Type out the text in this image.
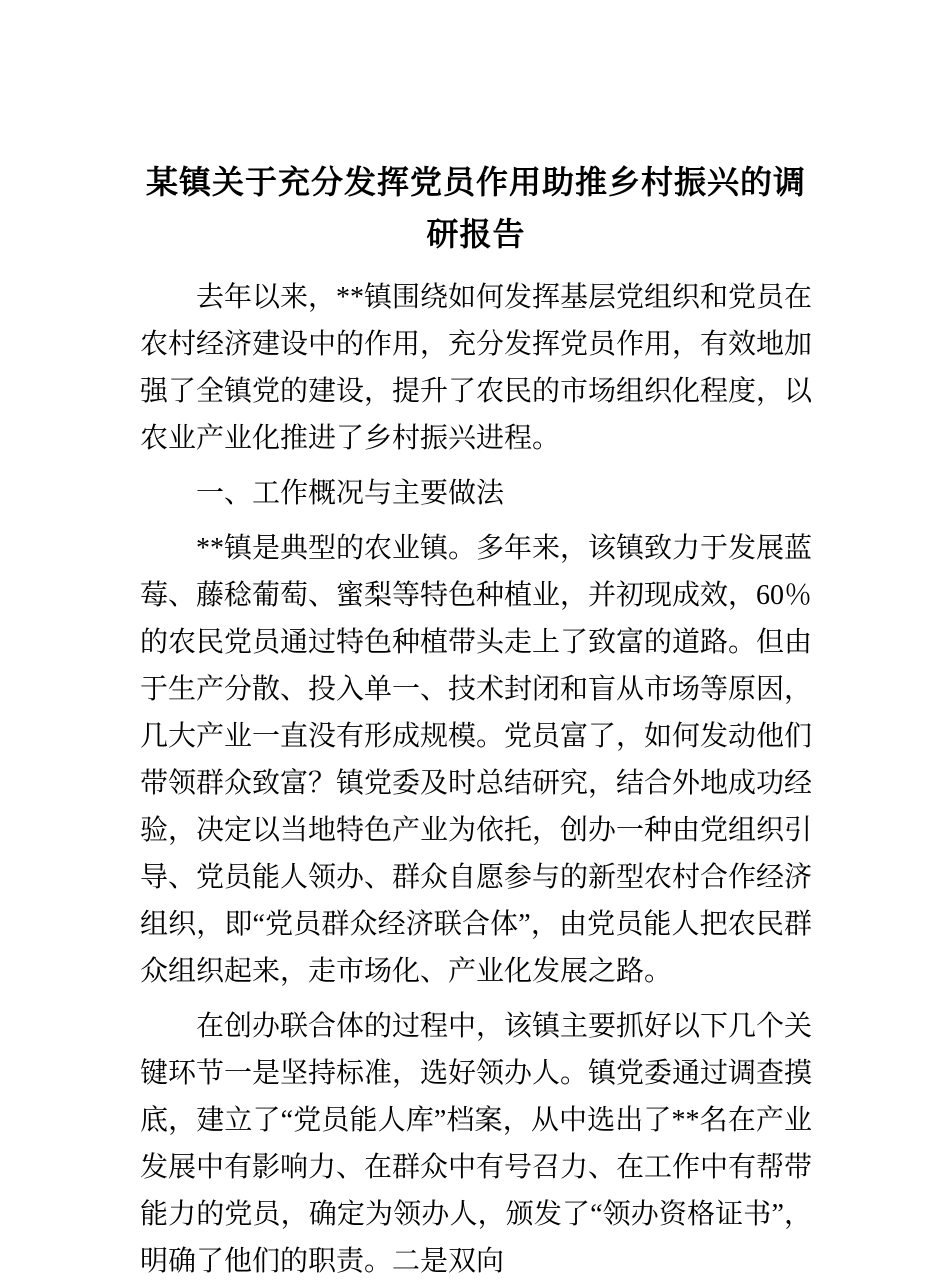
某镇关于充分发挥党员作用助推乡村振兴的调研报告

去年以来，**镇围绕如何发挥基层党组织和党员在农村经济建设中的作用，充分发挥党员作用，有效地加强了全镇党的建设，提升了农民的市场组织化程度，以农业产业化推进了乡村振兴进程。

一、工作概况与主要做法

**镇是典型的农业镇。多年来，该镇致力于发展蓝莓、藤稔葡萄、蜜梨等特色种植业，并初现成效，60％的农民党员通过特色种植带头走上了致富的道路。但由于生产分散、投入单一、技术封闭和盲从市场等原因，几大产业一直没有形成规模。党员富了，如何发动他们带领群众致富？镇党委及时总结研究，结合外地成功经验，决定以当地特色产业为依托，创办一种由党组织引导、党员能人领办、群众自愿参与的新型农村合作经济组织，即“党员群众经济联合体”，由党员能人把农民群众组织起来，走市场化、产业化发展之路。

在创办联合体的过程中，该镇主要抓好以下几个关键环节一是坚持标准，选好领办人。镇党委通过调查摸底，建立了“党员能人库”档案，从中选出了**名在产业发展中有影响力、在群众中有号召力、在工作中有帮带能力的党员，确定为领办人，颁发了“领办资格证书”，明确了他们的职责。二是双向
